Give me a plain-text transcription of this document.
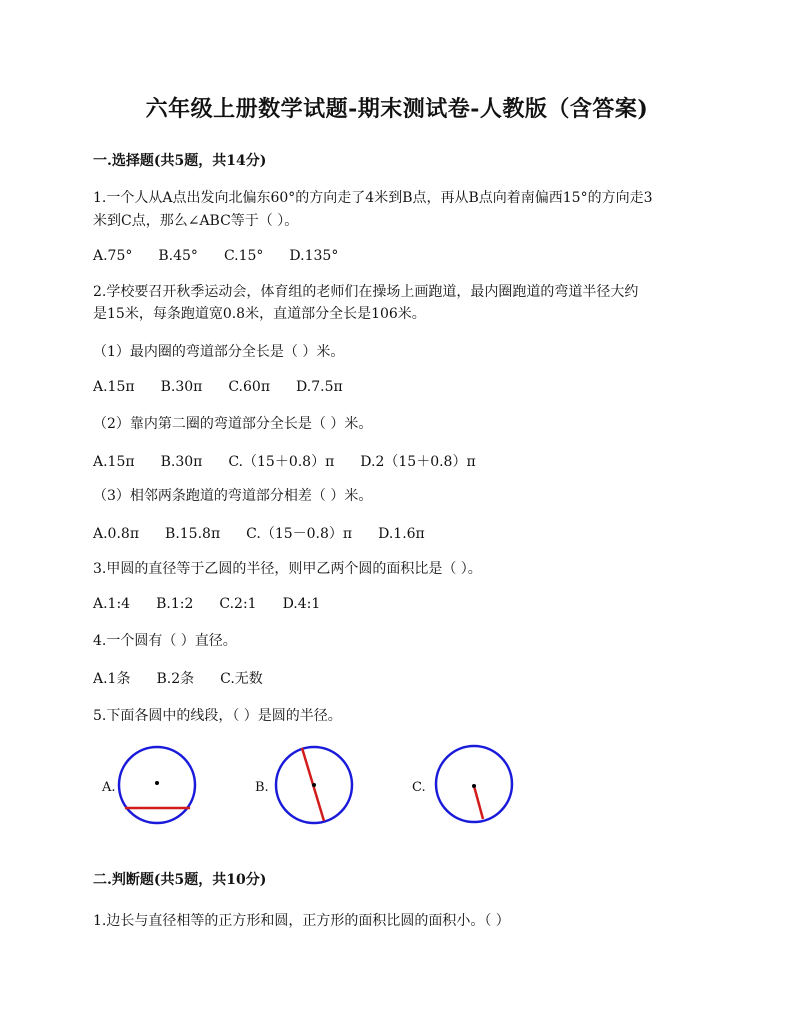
六年级上册数学试题-期末测试卷-人教版（含答案)
一.选择题(共5题，共14分)
1.一个人从A点出发向北偏东60°的方向走了4米到B点，再从B点向着南偏西15°的方向走3
米到C点，那么∠ABC等于（ ）。
A.75° B.45° C.15° D.135°
2.学校要召开秋季运动会，体育组的老师们在操场上画跑道，最内圈跑道的弯道半径大约
是15米，每条跑道宽0.8米，直道部分全长是106米。
（1）最内圈的弯道部分全长是（ ）米。
A.15π B.30π C.60π D.7.5π
（2）靠内第二圈的弯道部分全长是（ ）米。
A.15π B.30π C.（15＋0.8）π D.2（15＋0.8）π
（3）相邻两条跑道的弯道部分相差（ ）米。
A.0.8π B.15.8π C.（15－0.8）π D.1.6π
3.甲圆的直径等于乙圆的半径，则甲乙两个圆的面积比是（ ）。
A.1:4 B.1:2 C.2:1 D.4:1
4.一个圆有（ ）直径。
A.1条 B.2条 C.无数
5.下面各圆中的线段，（ ）是圆的半径。
A.	B.	C.
二.判断题(共5题，共10分)
1.边长与直径相等的正方形和圆，正方形的面积比圆的面积小。（ ）
